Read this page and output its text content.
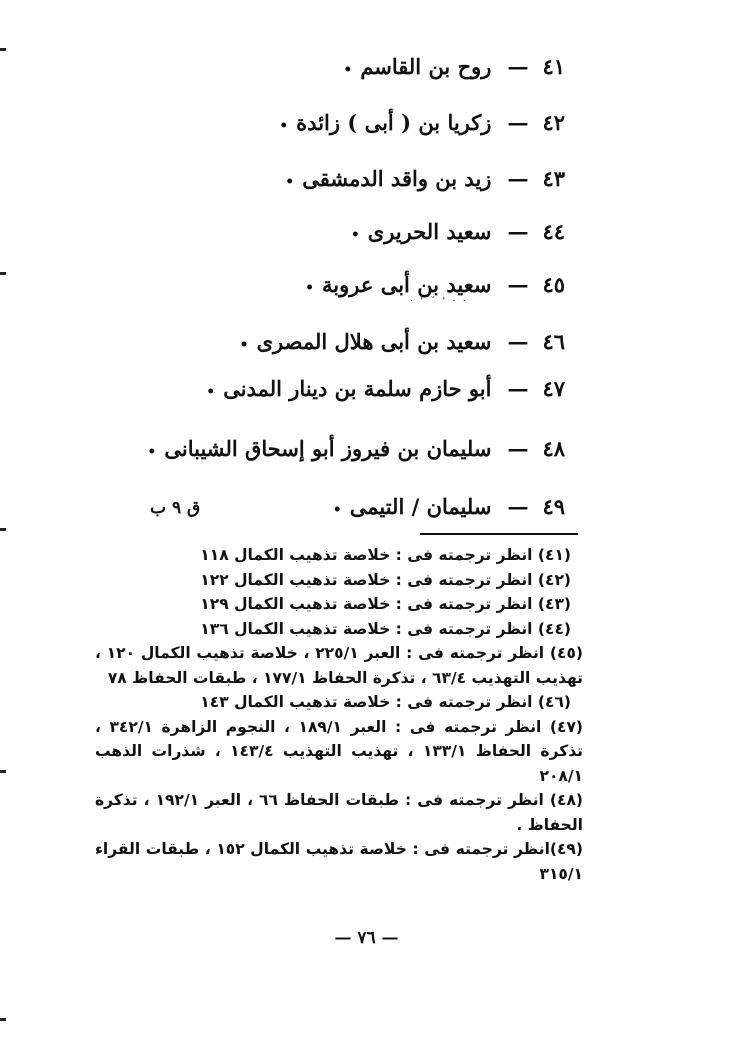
٤١—روح بن القاسم•
٤٢—زكريا بن ( أبى ) زائدة•
٤٣—زيد بن واقد الدمشقى•
٤٤—سعيد الحريرى•
٤٥—سعيد بن أبى عروبة•
· ' ˘ ' · ·
٤٦—سعيد بن أبى هلال المصرى•
٤٧—أبو حازم سلمة بن دينار المدنى•
٤٨—سليمان بن فيروز أبو إسحاق الشيبانى•
٤٩—سليمان / التيمى•
ق ٩ ب

(٤١) انظر ترجمته فى : خلاصة تذهيب الكمال ١١٨

(٤٢) انظر ترجمته فى : خلاصة تذهيب الكمال ١٢٢

(٤٣) انظر ترجمته فى : خلاصة تذهيب الكمال ١٢٩

(٤٤) انظر ترجمته فى : خلاصة تذهيب الكمال ١٣٦

(٤٥) انظر ترجمته فى : العبر ٢٢٥/١ ، خلاصة تذهيب الكمال ١٢٠ ، تهذيب التهذيب ٦٣/٤ ، تذكرة الحفاظ ١٧٧/١ ، طبقات الحفاظ ٧٨

(٤٦) انظر ترجمته فى : خلاصة تذهيب الكمال ١٤٣

(٤٧) انظر ترجمته فى : العبر ١٨٩/١ ، النجوم الزاهرة ٣٤٢/١ ، تذكرة الحفاظ ١٣٣/١ ، تهذيب التهذيب ١٤٣/٤ ، شذرات الذهب ٢٠٨/١

(٤٨) انظر ترجمته فى : طبقات الحفاظ ٦٦ ، العبر ١٩٢/١ ، تذكرة الحفاظ .

(٤٩)انظر ترجمته فى : خلاصة تذهيب الكمال ١٥٢ ، طبقات القراء ٣١٥/١

— ٧٦ —
